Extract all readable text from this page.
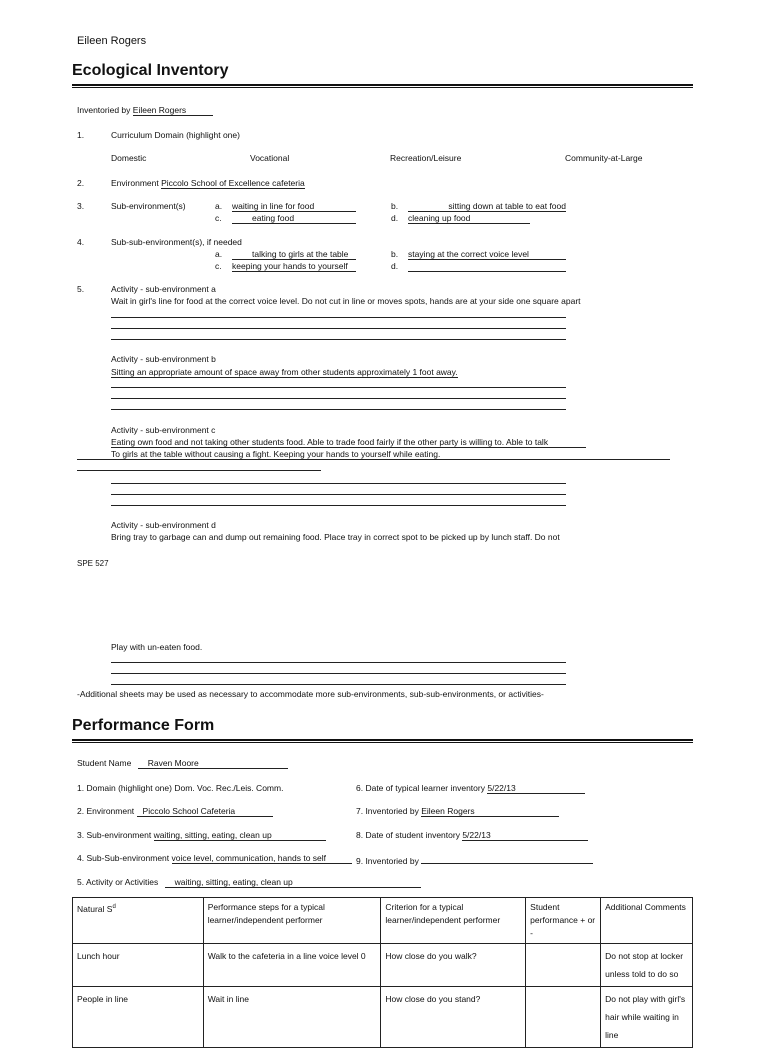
Eileen Rogers
Ecological Inventory
Inventoried by Eileen Rogers
1.	Curriculum Domain (highlight one)
Domestic	Vocational	Recreation/Leisure	Community-at-Large
2.	Environment Piccolo School of Excellence cafeteria
3.	Sub-environment(s)	a. waiting in line for food	b.	sitting down at table to eat food
c.	eating food	d. cleaning up food
4.	Sub-sub-environment(s), if needed
a.	talking to girls at the table	b. staying at the correct voice level
c. keeping your hands to yourself	d.
5.	Activity - sub-environment a
Wait in girl's line for food at the correct voice level. Do not cut in line or moves spots, hands are at your side one square apart
Activity - sub-environment b
Sitting an appropriate amount of space away from other students approximately 1 foot away.
Activity - sub-environment c
Eating own food and not taking other students food. Able to trade food fairly if the other party is willing to. Able to talk
To girls at the table without causing a fight. Keeping your hands to yourself while eating.
Activity - sub-environment d
Bring tray to garbage can and dump out remaining food. Place tray in correct spot to be picked up by lunch staff. Do not
SPE 527
Play with un-eaten food.
-Additional sheets may be used as necessary to accommodate more sub-environments, sub-sub-environments, or activities-
Performance Form
Student Name Raven Moore
1. Domain (highlight one) Dom. Voc. Rec./Leis. Comm.
2. Environment Piccolo School Cafeteria
3. Sub-environment waiting, sitting, eating, clean up
4. Sub-Sub-environment voice level, communication, hands to self
5. Activity or Activities waiting, sitting, eating, clean up
6. Date of typical learner inventory 5/22/13
7. Inventoried by Eileen Rogers
8. Date of student inventory 5/22/13
9. Inventoried by
Natural $S^d$	Performance steps for a typical learner/independent performer	Criterion for a typical learner/independent performer	Student performance + or -	Additional Comments
Lunch hour	Walk to the cafeteria in a line voice level 0	How close do you walk?		Do not stop at locker unless told to do so
People in line	Wait in line	How close do you stand?		Do not play with girl's hair while waiting in line
